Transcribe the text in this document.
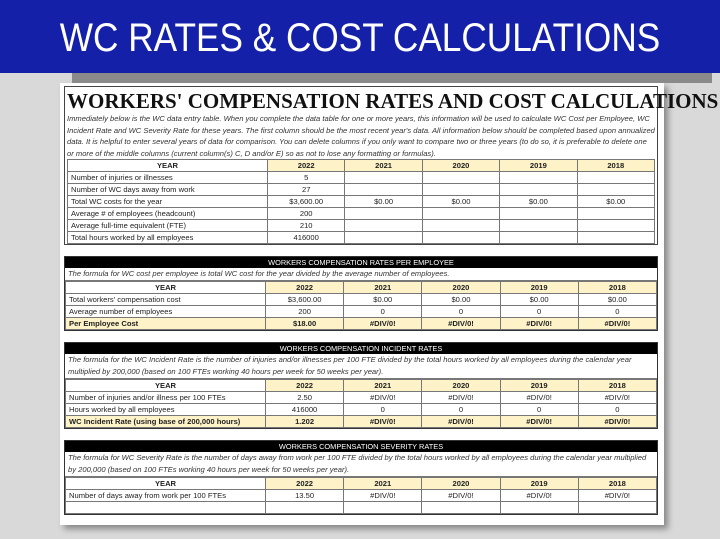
WC RATES & COST CALCULATIONS
WORKERS' COMPENSATION RATES AND COST CALCULATIONS
Immediately below is the WC data entry table. When you complete the data table for one or more years, this information will be used to calculate WC Cost per Employee, WC Incident Rate and WC Severity Rate for these years. The first column should be the most recent year's data. All information below should be completed based upon annualized data. It is helpful to enter several years of data for comparison. You can delete columns if you only want to compare two or three years (to do so, it is preferable to delete one or more of the middle columns (current column(s) C, D and/or E) so as not to lose any formatting or formulas).
YEAR	2022	2021	2020	2019	2018
Number of injuries or illnesses	5				
Number of WC days away from work	27				
Total WC costs for the year	$3,600.00	$0.00	$0.00	$0.00	$0.00
Average # of employees (headcount)	200				
Average full-time equivalent (FTE)	210				
Total hours worked by all employees	416000				
WORKERS COMPENSATION RATES PER EMPLOYEE
The formula for WC cost per employee is total WC cost for the year divided by the average number of employees.
YEAR	2022	2021	2020	2019	2018
Total workers' compensation cost	$3,600.00	$0.00	$0.00	$0.00	$0.00
Average number of employees	200	0	0	0	0
Per Employee Cost	$18.00	#DIV/0!	#DIV/0!	#DIV/0!	#DIV/0!
WORKERS COMPENSATION INCIDENT RATES
The formula for the WC Incident Rate is the number of injuries and/or illnesses per 100 FTE divided by the total hours worked by all employees during the calendar year multiplied by 200,000 (based on 100 FTEs working 40 hours per week for 50 weeks per year).
YEAR	2022	2021	2020	2019	2018
Number of injuries and/or illness per 100 FTEs	2.50	#DIV/0!	#DIV/0!	#DIV/0!	#DIV/0!
Hours worked by all employees	416000	0	0	0	0
WC Incident Rate (using base of 200,000 hours)	1.202	#DIV/0!	#DIV/0!	#DIV/0!	#DIV/0!
WORKERS COMPENSATION SEVERITY RATES
The formula for WC Severity Rate is the number of days away from work per 100 FTE divided by the total hours worked by all employees during the calendar year multiplied by 200,000 (based on 100 FTEs working 40 hours per week for 50 weeks per year).
YEAR	2022	2021	2020	2019	2018
Number of days away from work per 100 FTEs	13.50	#DIV/0!	#DIV/0!	#DIV/0!	#DIV/0!
